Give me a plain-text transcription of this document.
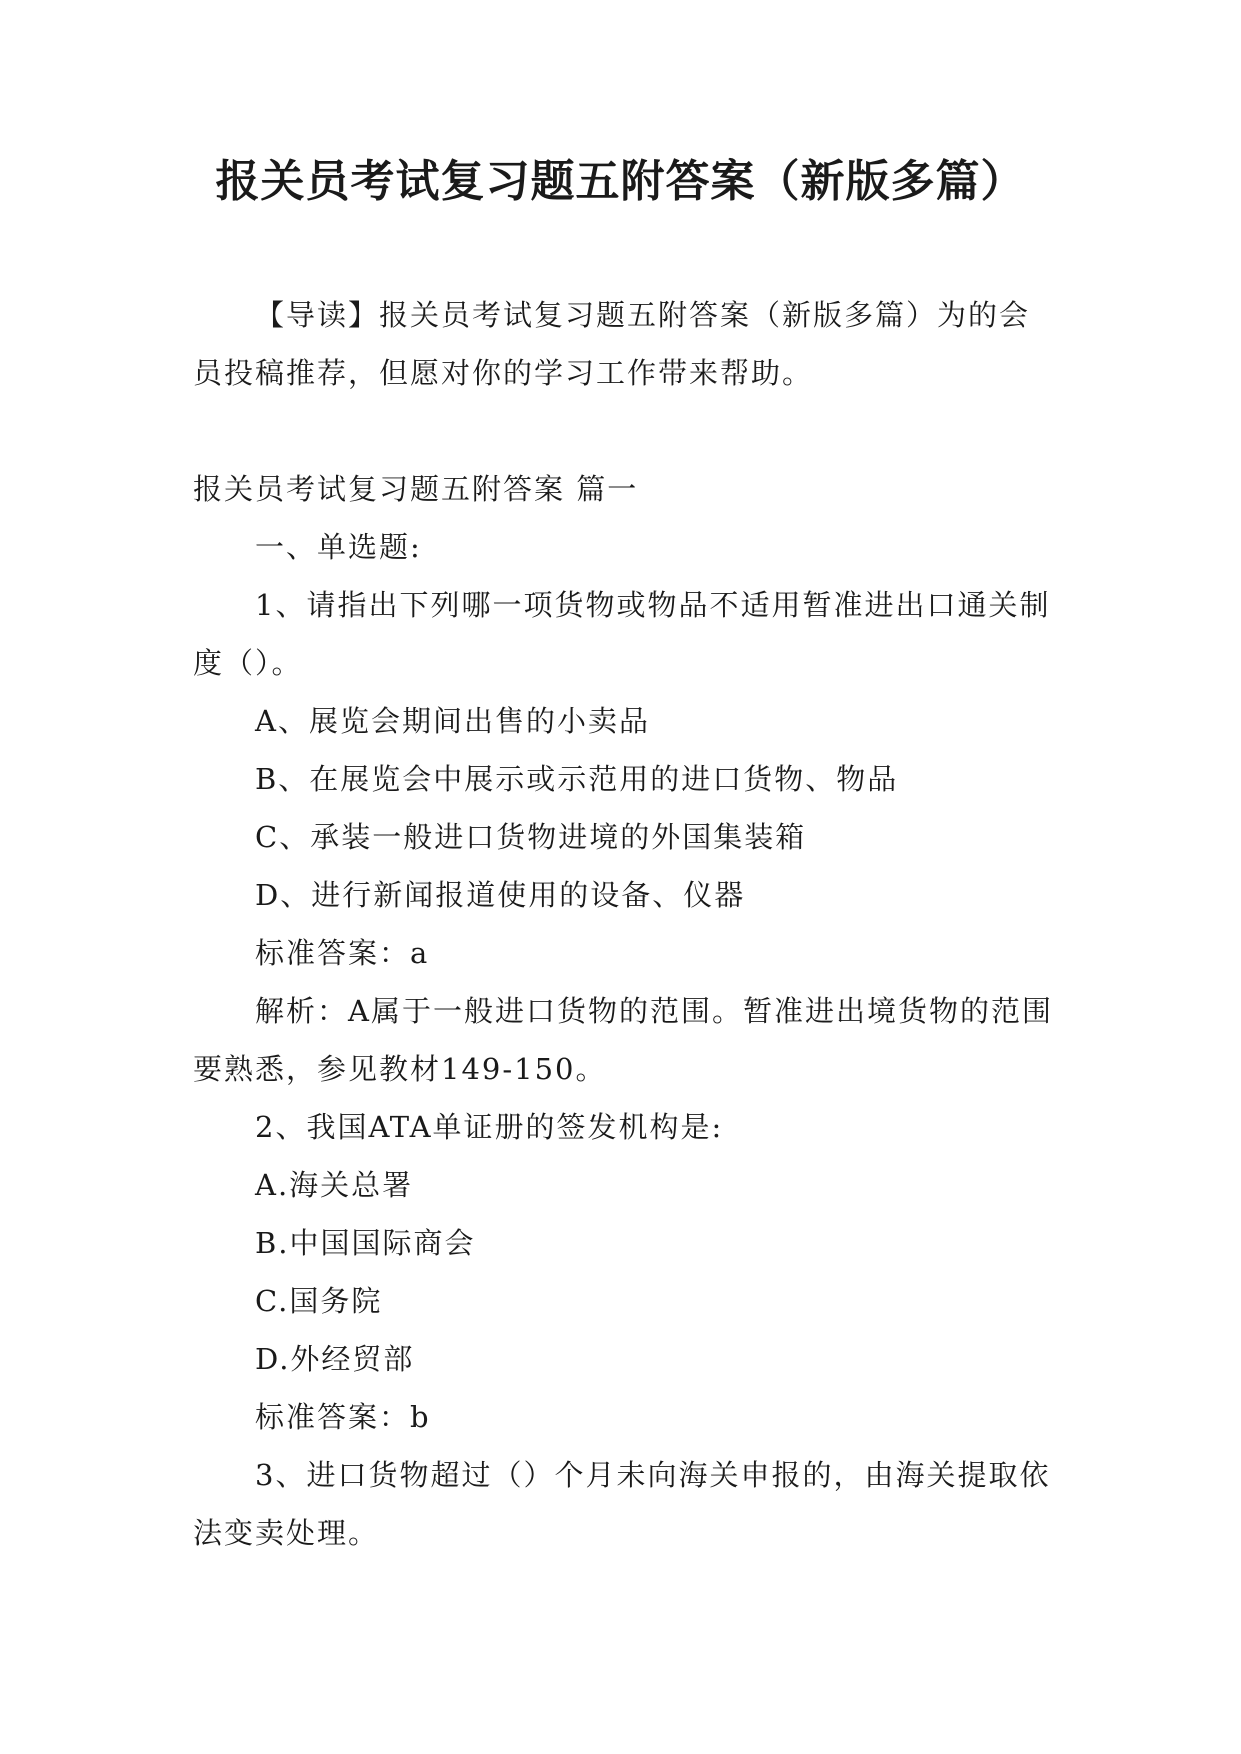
报关员考试复习题五附答案（新版多篇）

【导读】报关员考试复习题五附答案（新版多篇）为的会员投稿推荐，但愿对你的学习工作带来帮助。

报关员考试复习题五附答案 篇一

一、单选题:

1、请指出下列哪一项货物或物品不适用暂准进出口通关制度（）。

A、展览会期间出售的小卖品

B、在展览会中展示或示范用的进口货物、物品

C、承装一般进口货物进境的外国集装箱

D、进行新闻报道使用的设备、仪器

标准答案：a

解析：A属于一般进口货物的范围。暂准进出境货物的范围要熟悉，参见教材149-150。

2、我国ATA单证册的签发机构是:

A.海关总署

B.中国国际商会

C.国务院

D.外经贸部

标准答案：b

3、进口货物超过（）个月未向海关申报的，由海关提取依法变卖处理。
